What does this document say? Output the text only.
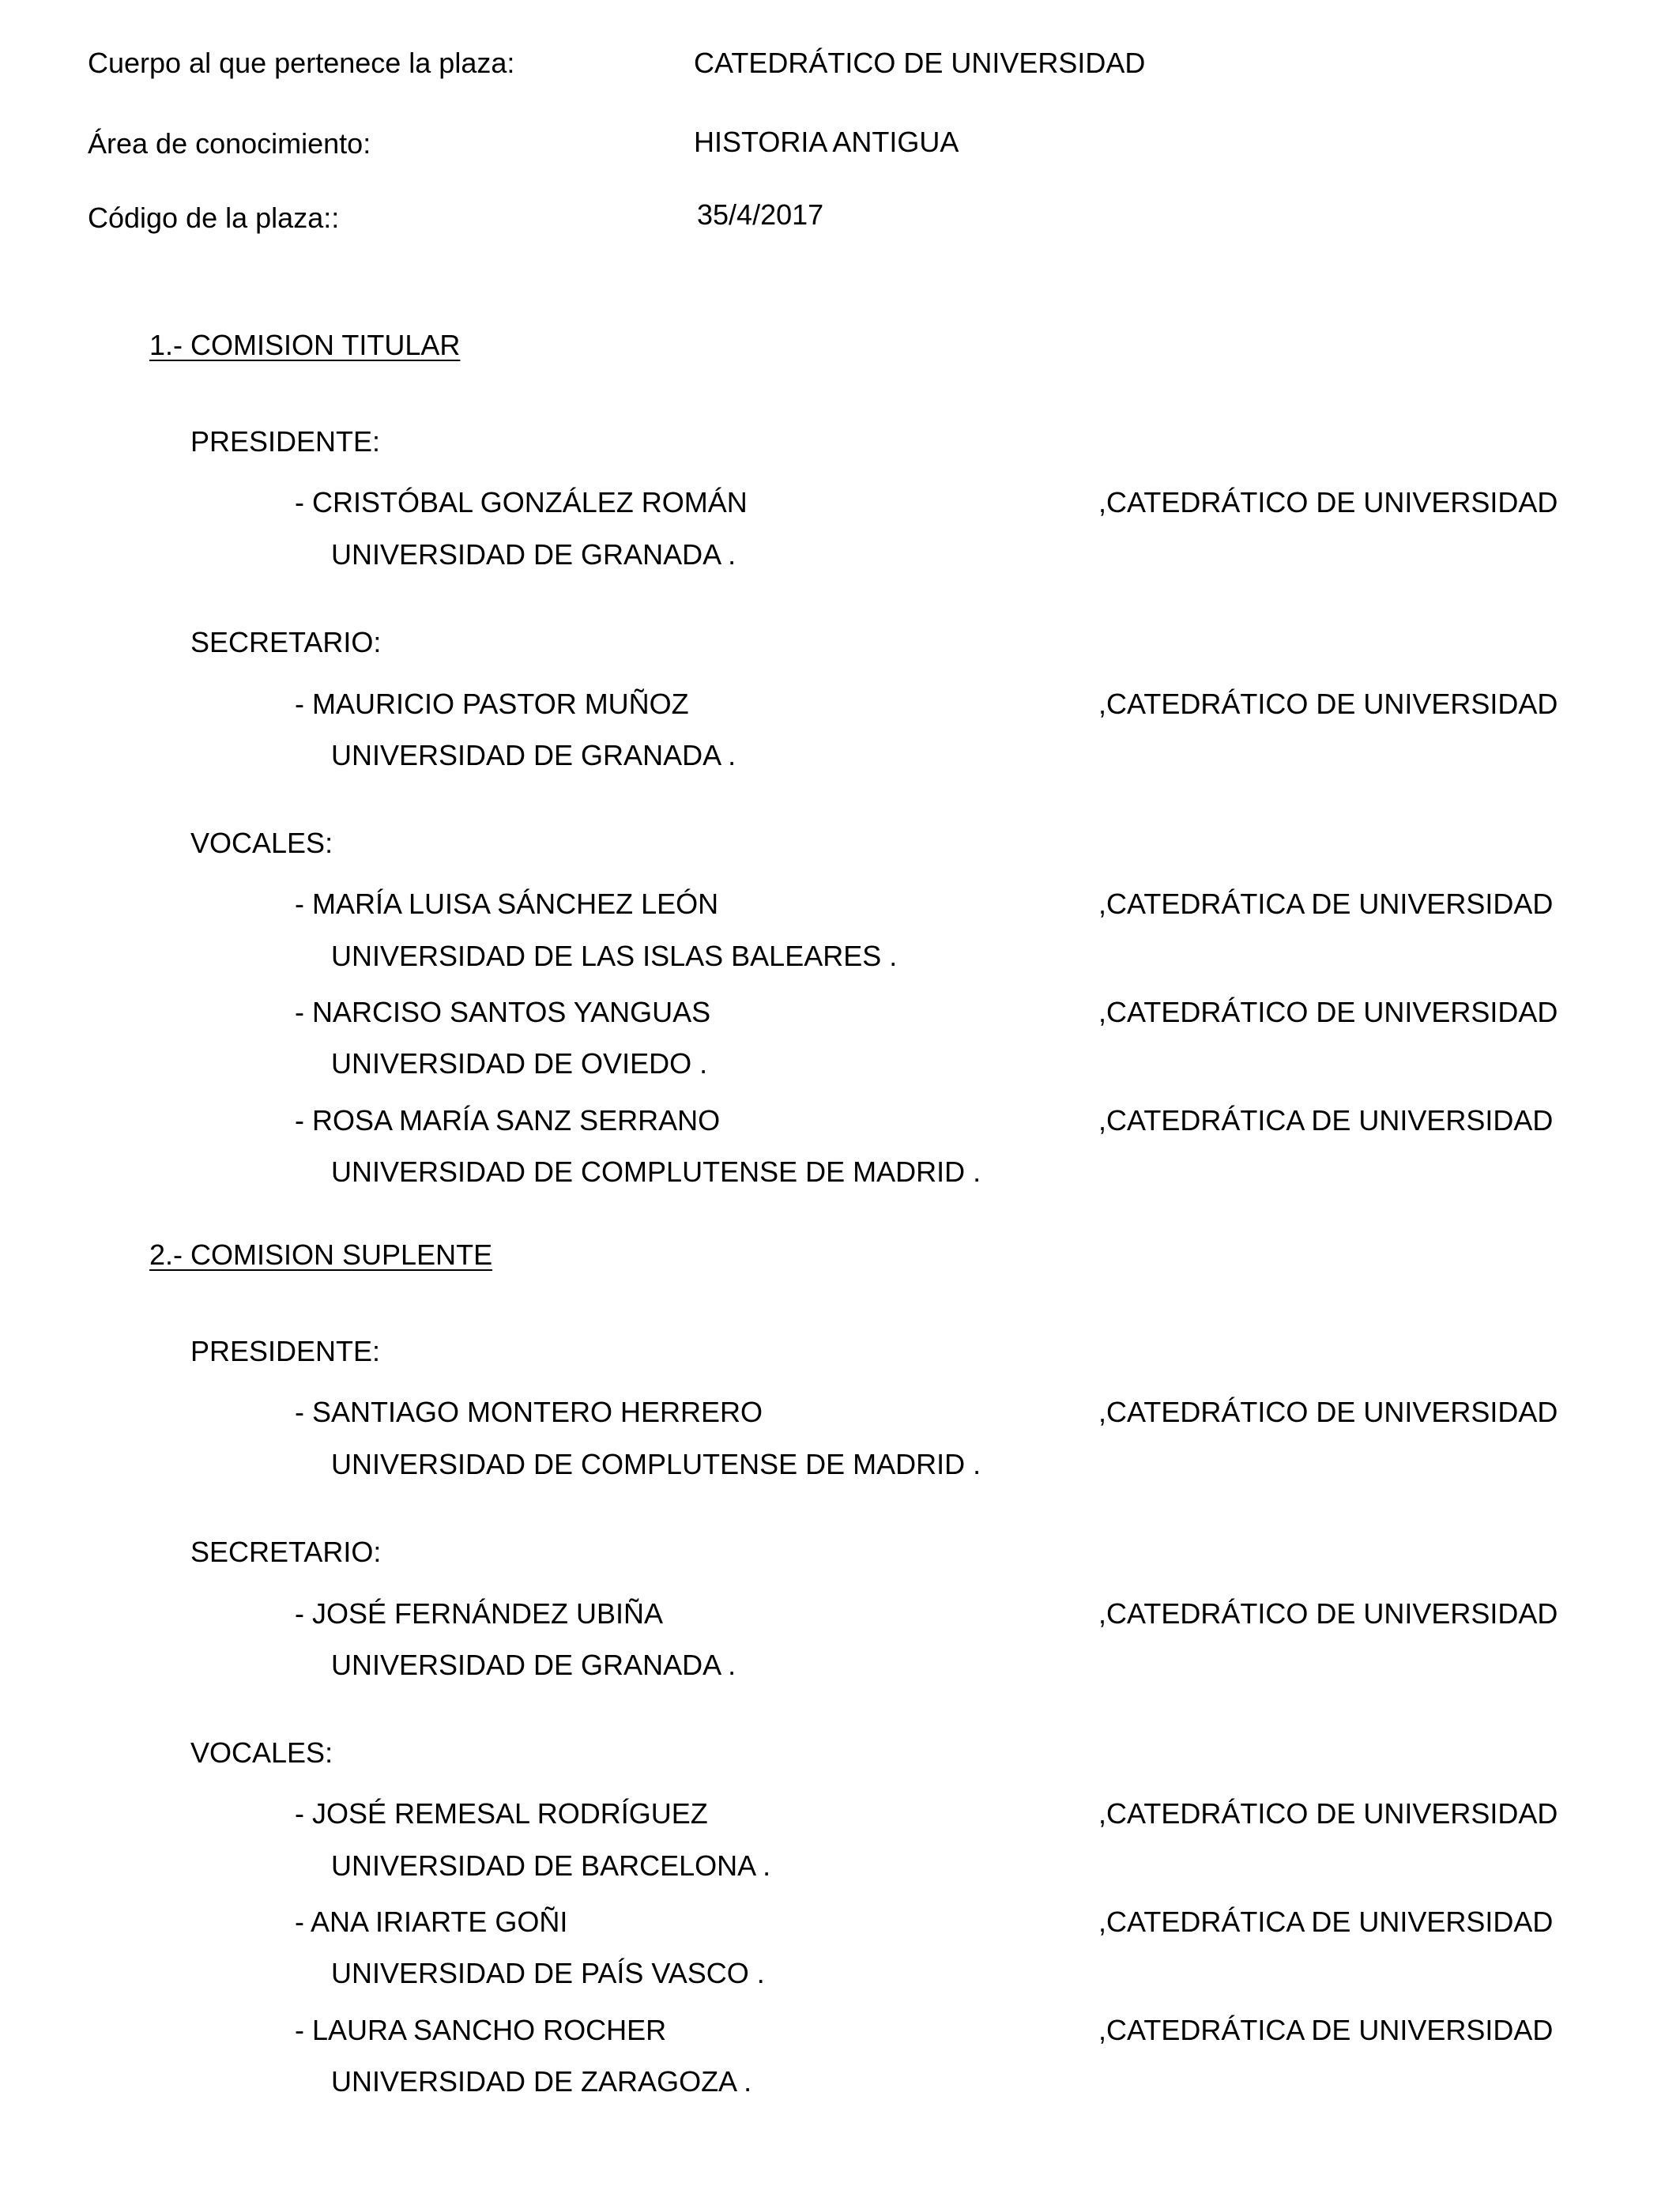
Cuerpo al que pertenece la plaza:	CATEDRÁTICO DE UNIVERSIDAD
Área de conocimiento:	HISTORIA ANTIGUA
Código de la plaza::	35/4/2017
1.- COMISION TITULAR
PRESIDENTE:
- CRISTÓBAL GONZÁLEZ ROMÁN	,CATEDRÁTICO DE UNIVERSIDAD
UNIVERSIDAD DE GRANADA .
SECRETARIO:
- MAURICIO PASTOR MUÑOZ	,CATEDRÁTICO DE UNIVERSIDAD
UNIVERSIDAD DE GRANADA .
VOCALES:
- MARÍA LUISA SÁNCHEZ LEÓN	,CATEDRÁTICA DE UNIVERSIDAD
UNIVERSIDAD DE LAS ISLAS BALEARES .
- NARCISO SANTOS YANGUAS	,CATEDRÁTICO DE UNIVERSIDAD
UNIVERSIDAD DE OVIEDO .
- ROSA MARÍA SANZ SERRANO	,CATEDRÁTICA DE UNIVERSIDAD
UNIVERSIDAD DE COMPLUTENSE DE MADRID .
2.- COMISION SUPLENTE
PRESIDENTE:
- SANTIAGO MONTERO HERRERO	,CATEDRÁTICO DE UNIVERSIDAD
UNIVERSIDAD DE COMPLUTENSE DE MADRID .
SECRETARIO:
- JOSÉ FERNÁNDEZ UBIÑA	,CATEDRÁTICO DE UNIVERSIDAD
UNIVERSIDAD DE GRANADA .
VOCALES:
- JOSÉ REMESAL RODRÍGUEZ	,CATEDRÁTICO DE UNIVERSIDAD
UNIVERSIDAD DE BARCELONA .
- ANA IRIARTE GOÑI	,CATEDRÁTICA DE UNIVERSIDAD
UNIVERSIDAD DE PAÍS VASCO .
- LAURA SANCHO ROCHER	,CATEDRÁTICA DE UNIVERSIDAD
UNIVERSIDAD DE ZARAGOZA .
